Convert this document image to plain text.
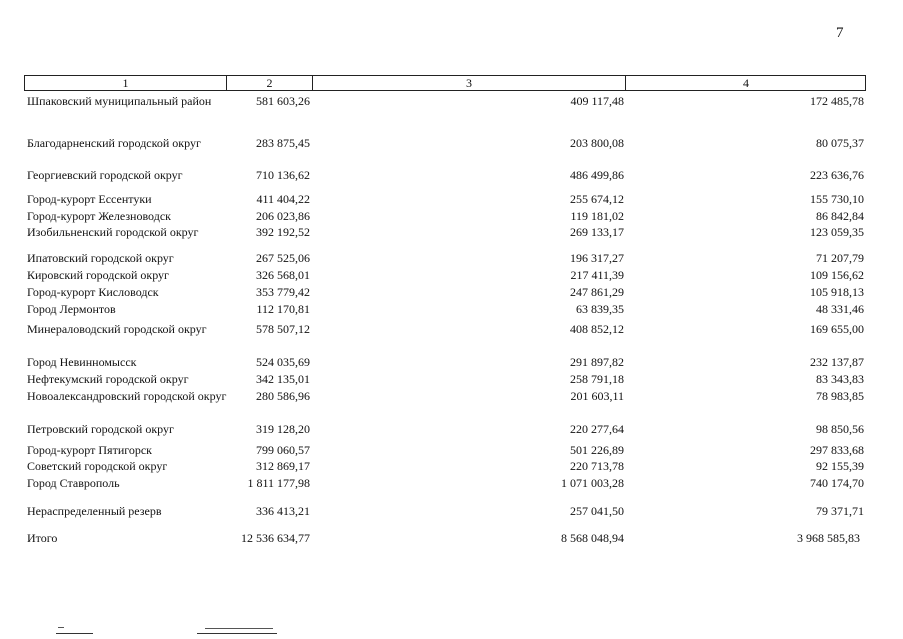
7
1	2	3	4
Шпаковский муниципальный район	581 603,26	409 117,48	172 485,78
Благодарненский городской округ	283 875,45	203 800,08	80 075,37
Георгиевский городской округ	710 136,62	486 499,86	223 636,76
Город-курорт Ессентуки	411 404,22	255 674,12	155 730,10
Город-курорт Железноводск	206 023,86	119 181,02	86 842,84
Изобильненский городской округ	392 192,52	269 133,17	123 059,35
Ипатовский городской округ	267 525,06	196 317,27	71 207,79
Кировский городской округ	326 568,01	217 411,39	109 156,62
Город-курорт Кисловодск	353 779,42	247 861,29	105 918,13
Город Лермонтов	112 170,81	63 839,35	48 331,46
Минераловодский городской округ	578 507,12	408 852,12	169 655,00
Город Невинномысск	524 035,69	291 897,82	232 137,87
Нефтекумский городской округ	342 135,01	258 791,18	83 343,83
Новоалександровский городской округ	280 586,96	201 603,11	78 983,85
Петровский городской округ	319 128,20	220 277,64	98 850,56
Город-курорт Пятигорск	799 060,57	501 226,89	297 833,68
Советский городской округ	312 869,17	220 713,78	92 155,39
Город Ставрополь	1 811 177,98	1 071 003,28	740 174,70
Нераспределенный резерв	336 413,21	257 041,50	79 371,71
Итого	12 536 634,77	8 568 048,94	3 968 585,83
